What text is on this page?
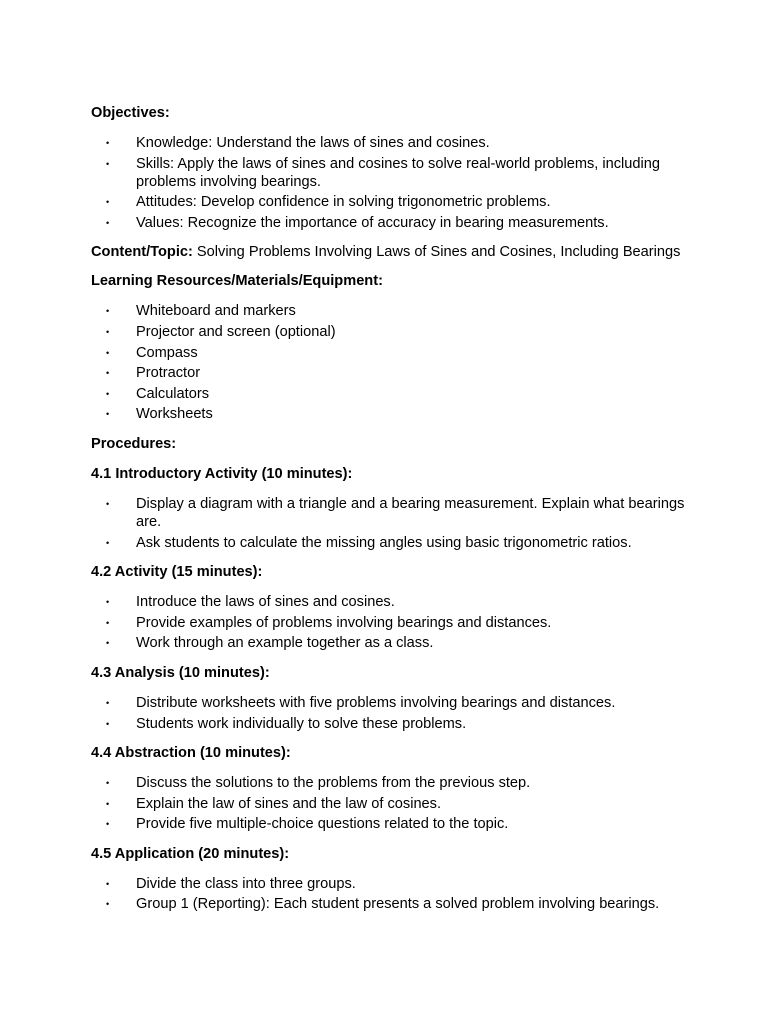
Objectives:

• Knowledge: Understand the laws of sines and cosines.
• Skills: Apply the laws of sines and cosines to solve real-world problems, including problems involving bearings.
• Attitudes: Develop confidence in solving trigonometric problems.
• Values: Recognize the importance of accuracy in bearing measurements.

Content/Topic: Solving Problems Involving Laws of Sines and Cosines, Including Bearings

Learning Resources/Materials/Equipment:

• Whiteboard and markers
• Projector and screen (optional)
• Compass
• Protractor
• Calculators
• Worksheets

Procedures:

4.1 Introductory Activity (10 minutes):

• Display a diagram with a triangle and a bearing measurement. Explain what bearings are.
• Ask students to calculate the missing angles using basic trigonometric ratios.

4.2 Activity (15 minutes):

• Introduce the laws of sines and cosines.
• Provide examples of problems involving bearings and distances.
• Work through an example together as a class.

4.3 Analysis (10 minutes):

• Distribute worksheets with five problems involving bearings and distances.
• Students work individually to solve these problems.

4.4 Abstraction (10 minutes):

• Discuss the solutions to the problems from the previous step.
• Explain the law of sines and the law of cosines.
• Provide five multiple-choice questions related to the topic.

4.5 Application (20 minutes):

• Divide the class into three groups.
• Group 1 (Reporting): Each student presents a solved problem involving bearings.
